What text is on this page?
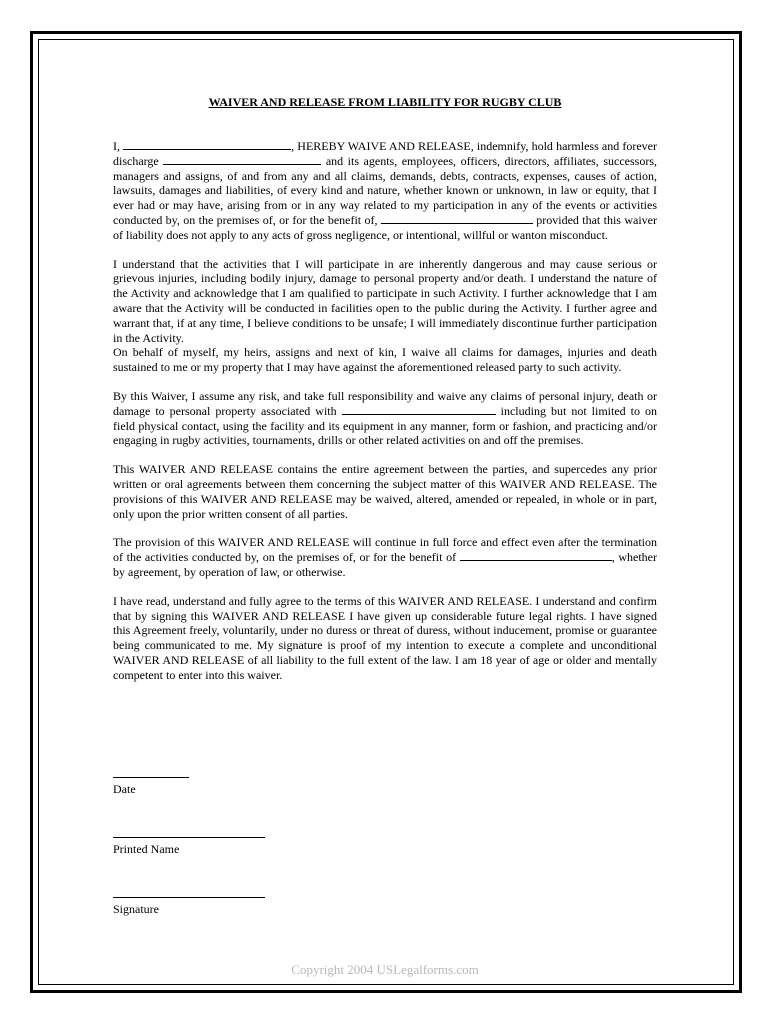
WAIVER AND RELEASE FROM LIABILITY FOR RUGBY CLUB

I,	, HEREBY WAIVE AND RELEASE, indemnify, hold harmless and forever discharge	and its agents, employees, officers, directors, affiliates, successors, managers and assigns, of and from any and all claims, demands, debts, contracts, expenses, causes of action, lawsuits, damages and liabilities, of every kind and nature, whether known or unknown, in law or equity, that I ever had or may have, arising from or in any way related to my participation in any of the events or activities conducted by, on the premises of, or for the benefit of,	provided that this waiver of liability does not apply to any acts of gross negligence, or intentional, willful or wanton misconduct.

I understand that the activities that I will participate in are inherently dangerous and may cause serious or grievous injuries, including bodily injury, damage to personal property and/or death. I understand the nature of the Activity and acknowledge that I am qualified to participate in such Activity. I further acknowledge that I am aware that the Activity will be conducted in facilities open to the public during the Activity. I further agree and warrant that, if at any time, I believe conditions to be unsafe; I will immediately discontinue further participation in the Activity.
On behalf of myself, my heirs, assigns and next of kin, I waive all claims for damages, injuries and death sustained to me or my property that I may have against the aforementioned released party to such activity.

By this Waiver, I assume any risk, and take full responsibility and waive any claims of personal injury, death or damage to personal property associated with	including but not limited to on field physical contact, using the facility and its equipment in any manner, form or fashion, and practicing and/or engaging in rugby activities, tournaments, drills or other related activities on and off the premises.

This WAIVER AND RELEASE contains the entire agreement between the parties, and supercedes any prior written or oral agreements between them concerning the subject matter of this WAIVER AND RELEASE. The provisions of this WAIVER AND RELEASE may be waived, altered, amended or repealed, in whole or in part, only upon the prior written consent of all parties.

The provision of this WAIVER AND RELEASE will continue in full force and effect even after the termination of the activities conducted by, on the premises of, or for the benefit of	, whether by agreement, by operation of law, or otherwise.

I have read, understand and fully agree to the terms of this WAIVER AND RELEASE. I understand and confirm that by signing this WAIVER AND RELEASE I have given up considerable future legal rights. I have signed this Agreement freely, voluntarily, under no duress or threat of duress, without inducement, promise or guarantee being communicated to me. My signature is proof of my intention to execute a complete and unconditional WAIVER AND RELEASE of all liability to the full extent of the law. I am 18 year of age or older and mentally competent to enter into this waiver.

Date
Printed Name
Signature
Copyright 2004 USLegalforms.com
